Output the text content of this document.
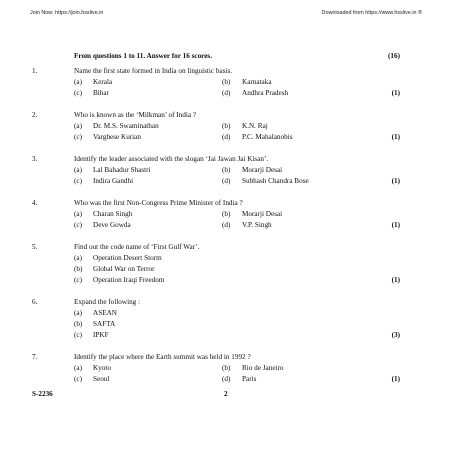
Join Now: https://join.hsslive.in	Downloaded from https://www.hsslive.in ®
From questions 1 to 11. Answer for 16 scores.	(16)
1.	Name the first state formed in India on linguistic basis.
(a) Kerala	(b) Karnataka
(c) Bihar	(d) Andhra Pradesh	(1)
2.	Who is known as the ‘Milkman’ of India ?
(a) Dr. M.S. Swaminathan	(b) K.N. Raj
(c) Varghese Kurian	(d) P.C. Mahalanobis	(1)
3.	Identify the leader associated with the slogan ‘Jai Jawan Jai Kisan’.
(a) Lal Bahadur Shastri	(b) Morarji Desai
(c) Indira Gandhi	(d) Subhash Chandra Bose	(1)
4.	Who was the first Non-Congress Prime Minister of India ?
(a) Charan Singh	(b) Morarji Desai
(c) Deve Gowda	(d) V.P. Singh	(1)
5.	Find out the code name of ‘First Gulf War’.
(a) Operation Desert Storm
(b) Global War on Terror
(c) Operation Iraqi Freedom	(1)
6.	Expand the following :
(a) ASEAN
(b) SAFTA
(c) IPKF	(3)
7.	Identify the place where the Earth summit was held in 1992 ?
(a) Kyoto	(b) Rio de Janeiro
(c) Seoul	(d) Paris	(1)
S-2236	2
